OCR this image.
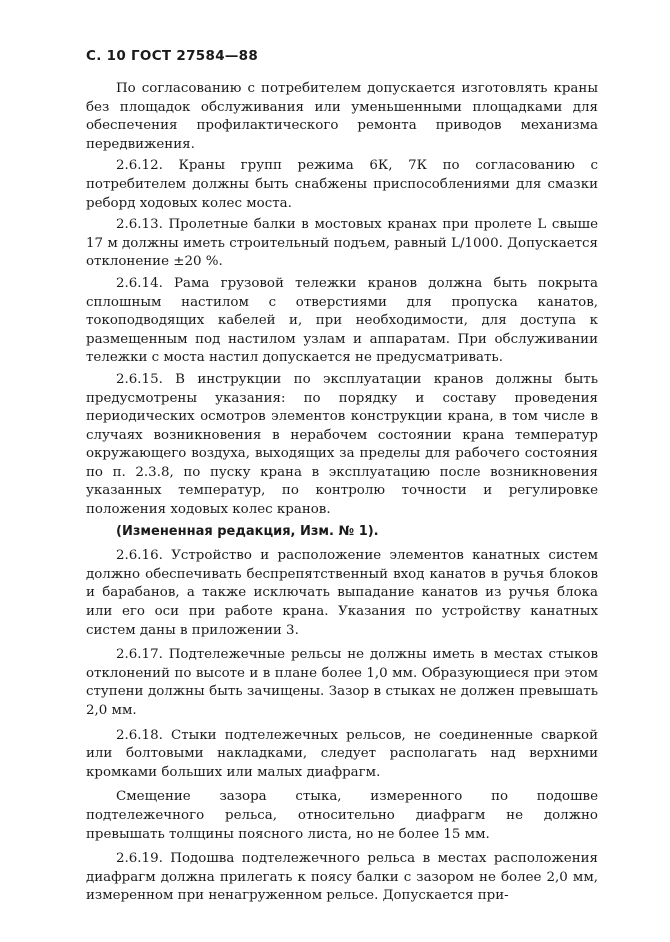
С. 10 ГОСТ 27584—88

По согласованию с потребителем допускается изготовлять краны без площадок обслуживания или уменьшенными площадками для обеспечения профилактического ремонта приводов механизма передвижения.

2.6.12. Краны групп режима 6К, 7К по согласованию с потребителем должны быть снабжены приспособлениями для смазки реборд ходовых колес моста.

2.6.13. Пролетные балки в мостовых кранах при пролете L свыше 17 м должны иметь строительный подъем, равный L/1000. Допускается отклонение ±20 %.

2.6.14. Рама грузовой тележки кранов должна быть покрыта сплошным настилом с отверстиями для пропуска канатов, токоподводящих кабелей и, при необходимости, для доступа к размещенным под настилом узлам и аппаратам. При обслуживании тележки с моста настил допускается не предусматривать.

2.6.15. В инструкции по эксплуатации кранов должны быть предусмотрены указания: по порядку и составу проведения периодических осмотров элементов конструкции крана, в том числе в случаях возникновения в нерабочем состоянии крана температур окружающего воздуха, выходящих за пределы для рабочего состояния по п. 2.3.8, по пуску крана в эксплуатацию после возникновения указанных температур, по контролю точности и регулировке положения ходовых колес кранов.

(Измененная редакция, Изм. № 1).

2.6.16. Устройство и расположение элементов канатных систем должно обеспечивать беспрепятственный вход канатов в ручья блоков и барабанов, а также исключать выпадание канатов из ручья блока или его оси при работе крана. Указания по устройству канатных систем даны в приложении 3.

2.6.17. Подтележечные рельсы не должны иметь в местах стыков отклонений по высоте и в плане более 1,0 мм. Образующиеся при этом ступени должны быть зачищены. Зазор в стыках не должен превышать 2,0 мм.

2.6.18. Стыки подтележечных рельсов, не соединенные сваркой или болтовыми накладками, следует располагать над верхними кромками больших или малых диафрагм.

Смещение зазора стыка, измеренного по подошве подтележечного рельса, относительно диафрагм не должно превышать толщины поясного листа, но не более 15 мм.

2.6.19. Подошва подтележечного рельса в местах расположения диафрагм должна прилегать к поясу балки с зазором не более 2,0 мм, измеренном при ненагруженном рельсе. Допускается при-
